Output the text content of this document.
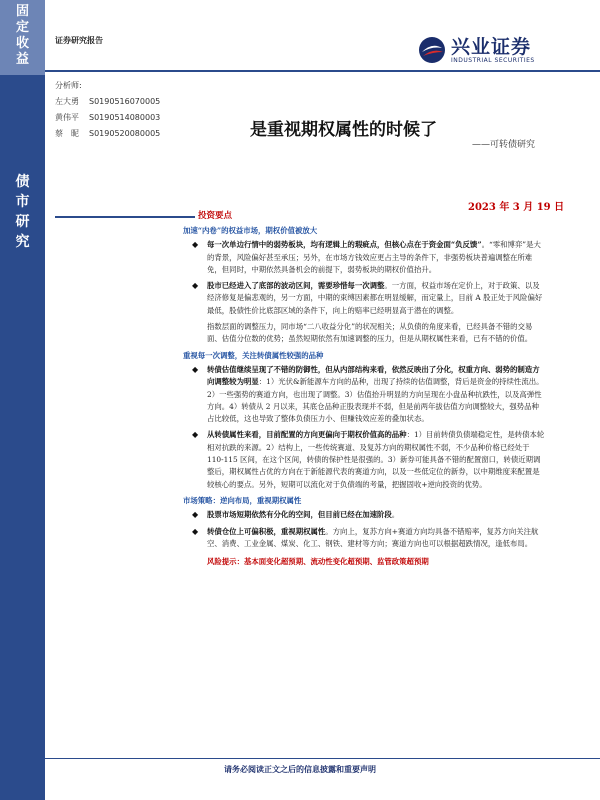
固
定
收
益
债
市
研
究
证券研究报告	兴业证券
INDUSTRIAL SECURITIES
分析师:
左大勇	S0190516070005
黄伟平	S0190514080003
蔡　昵	S0190520080005	是重视期权属性的时候了
——可转债研究
2023 年 3 月 19 日
投资要点
加速“内卷”的权益市场，期权价值被放大
◆ 每一次单边行情中的弱势板块，均有逻辑上的瑕疵点，但核心点在于资金面“负反馈”。“零和博弈”是大的背景，风险偏好甚至承压；另外，在市场方钱效应更占主导的条件下，非强势板块普遍调整在所难免，但同时，中期依然具备机会的前提下，弱势板块的期权价值抬升。
◆ 股市已经进入了底部的波动区间，需要珍惜每一次调整。一方面，权益市场在定价上，对于政策、以及经济修复是偏悲观的，另一方面，中期的束缚因素都在明显缓解，而定量上，目前 A 股正处于风险偏好最低，股债性价比底部区域的条件下，向上的赔率已经明显高于潜在的调整。
指数层面的调整压力，同市场“二八收益分化”的状况相关；从负债的角度来看，已经具备不错的交易面、估值分位数的优势；虽然短期依然有加速调整的压力，但是从期权属性来看，已有不错的价值。
重视每一次调整，关注转债属性较强的品种
◆ 转债估值继续呈现了不错的防御性，但从内部结构来看，依然反映出了分化，权重方向、弱势的制造方向调整较为明显：1）光伏&新能源车方向的品种，出现了持续的估值调整，背后是资金的持续性流出。2）一些强势的赛道方向，也出现了调整。3）估值抬升明显的方向呈现在小盘品种抗跌性，以及高弹性方向。4）转债从 2 月以来，其底仓品种正股表现并不弱，但是前两年拔估值方向调整较大，强势品种占比较低，这也导致了整体负债压力小、但赚钱效应差的叠加状态。
◆ 从转债属性来看，目前配置的方向更偏向于期权价值高的品种：1）目前转债负债端稳定性，是转债本轮相对抗跌的来源。2）结构上，一些传统赛道、及复苏方向的期权属性不弱，不少品种价格已经处于 110-115 区间，在这个区间，转债的保护性是很强的。3）新券可能具备不错的配置窗口，转债近期调整后，期权属性占优的方向在于新能源代表的赛道方向，以及一些低定位的新券，以中期维度来配置是较核心的要点。另外，短期可以流化对于负债端的考量，把握固收+逆向投资的优势。
市场策略：逆向布局，重视期权属性
◆ 股票市场短期依然有分化的空间，但目前已经在加速阶段。
◆ 转债仓位上可偏积极，重视期权属性。方向上，复苏方向+赛道方向均具备不错赔率，复苏方向关注航空、消费、工业金属、煤炭、化工、钢铁、建材等方向；赛道方向也可以根据超跌情况，逢低布局。
风险提示：基本面变化超预期、流动性变化超预期、监管政策超预期
请务必阅读正文之后的信息披露和重要声明
